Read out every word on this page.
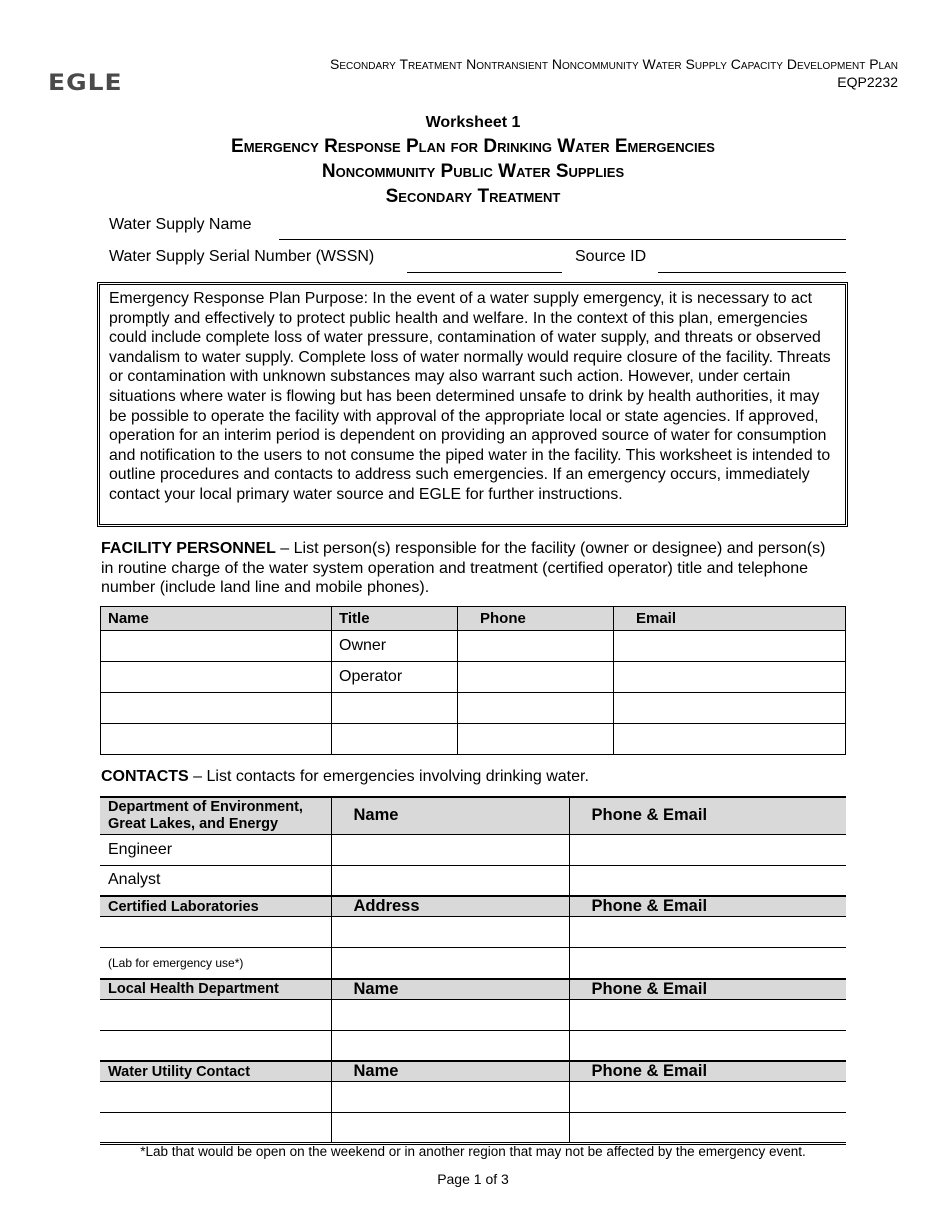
EGLE
Secondary Treatment Nontransient Noncommunity Water Supply Capacity Development Plan
EQP2232
Worksheet 1
Emergency Response Plan for Drinking Water Emergencies
Noncommunity Public Water Supplies
Secondary Treatment
Water Supply Name
Water Supply Serial Number (WSSN)	Source ID
Emergency Response Plan Purpose: In the event of a water supply emergency, it is necessary to act promptly and effectively to protect public health and welfare. In the context of this plan, emergencies could include complete loss of water pressure, contamination of water supply, and threats or observed vandalism to water supply. Complete loss of water normally would require closure of the facility. Threats or contamination with unknown substances may also warrant such action. However, under certain situations where water is flowing but has been determined unsafe to drink by health authorities, it may be possible to operate the facility with approval of the appropriate local or state agencies. If approved, operation for an interim period is dependent on providing an approved source of water for consumption and notification to the users to not consume the piped water in the facility. This worksheet is intended to outline procedures and contacts to address such emergencies. If an emergency occurs, immediately contact your local primary water source and EGLE for further instructions.
FACILITY PERSONNEL – List person(s) responsible for the facility (owner or designee) and person(s) in routine charge of the water system operation and treatment (certified operator) title and telephone number (include land line and mobile phones).
Name	Title	Phone	Email
	Owner		
	Operator		

CONTACTS – List contacts for emergencies involving drinking water.
Department of Environment, Great Lakes, and Energy	Name	Phone & Email
Engineer		
Analyst		
Certified Laboratories	Address	Phone & Email

(Lab for emergency use*)		
Local Health Department	Name	Phone & Email

Water Utility Contact	Name	Phone & Email

*Lab that would be open on the weekend or in another region that may not be affected by the emergency event.
Page 1 of 3
